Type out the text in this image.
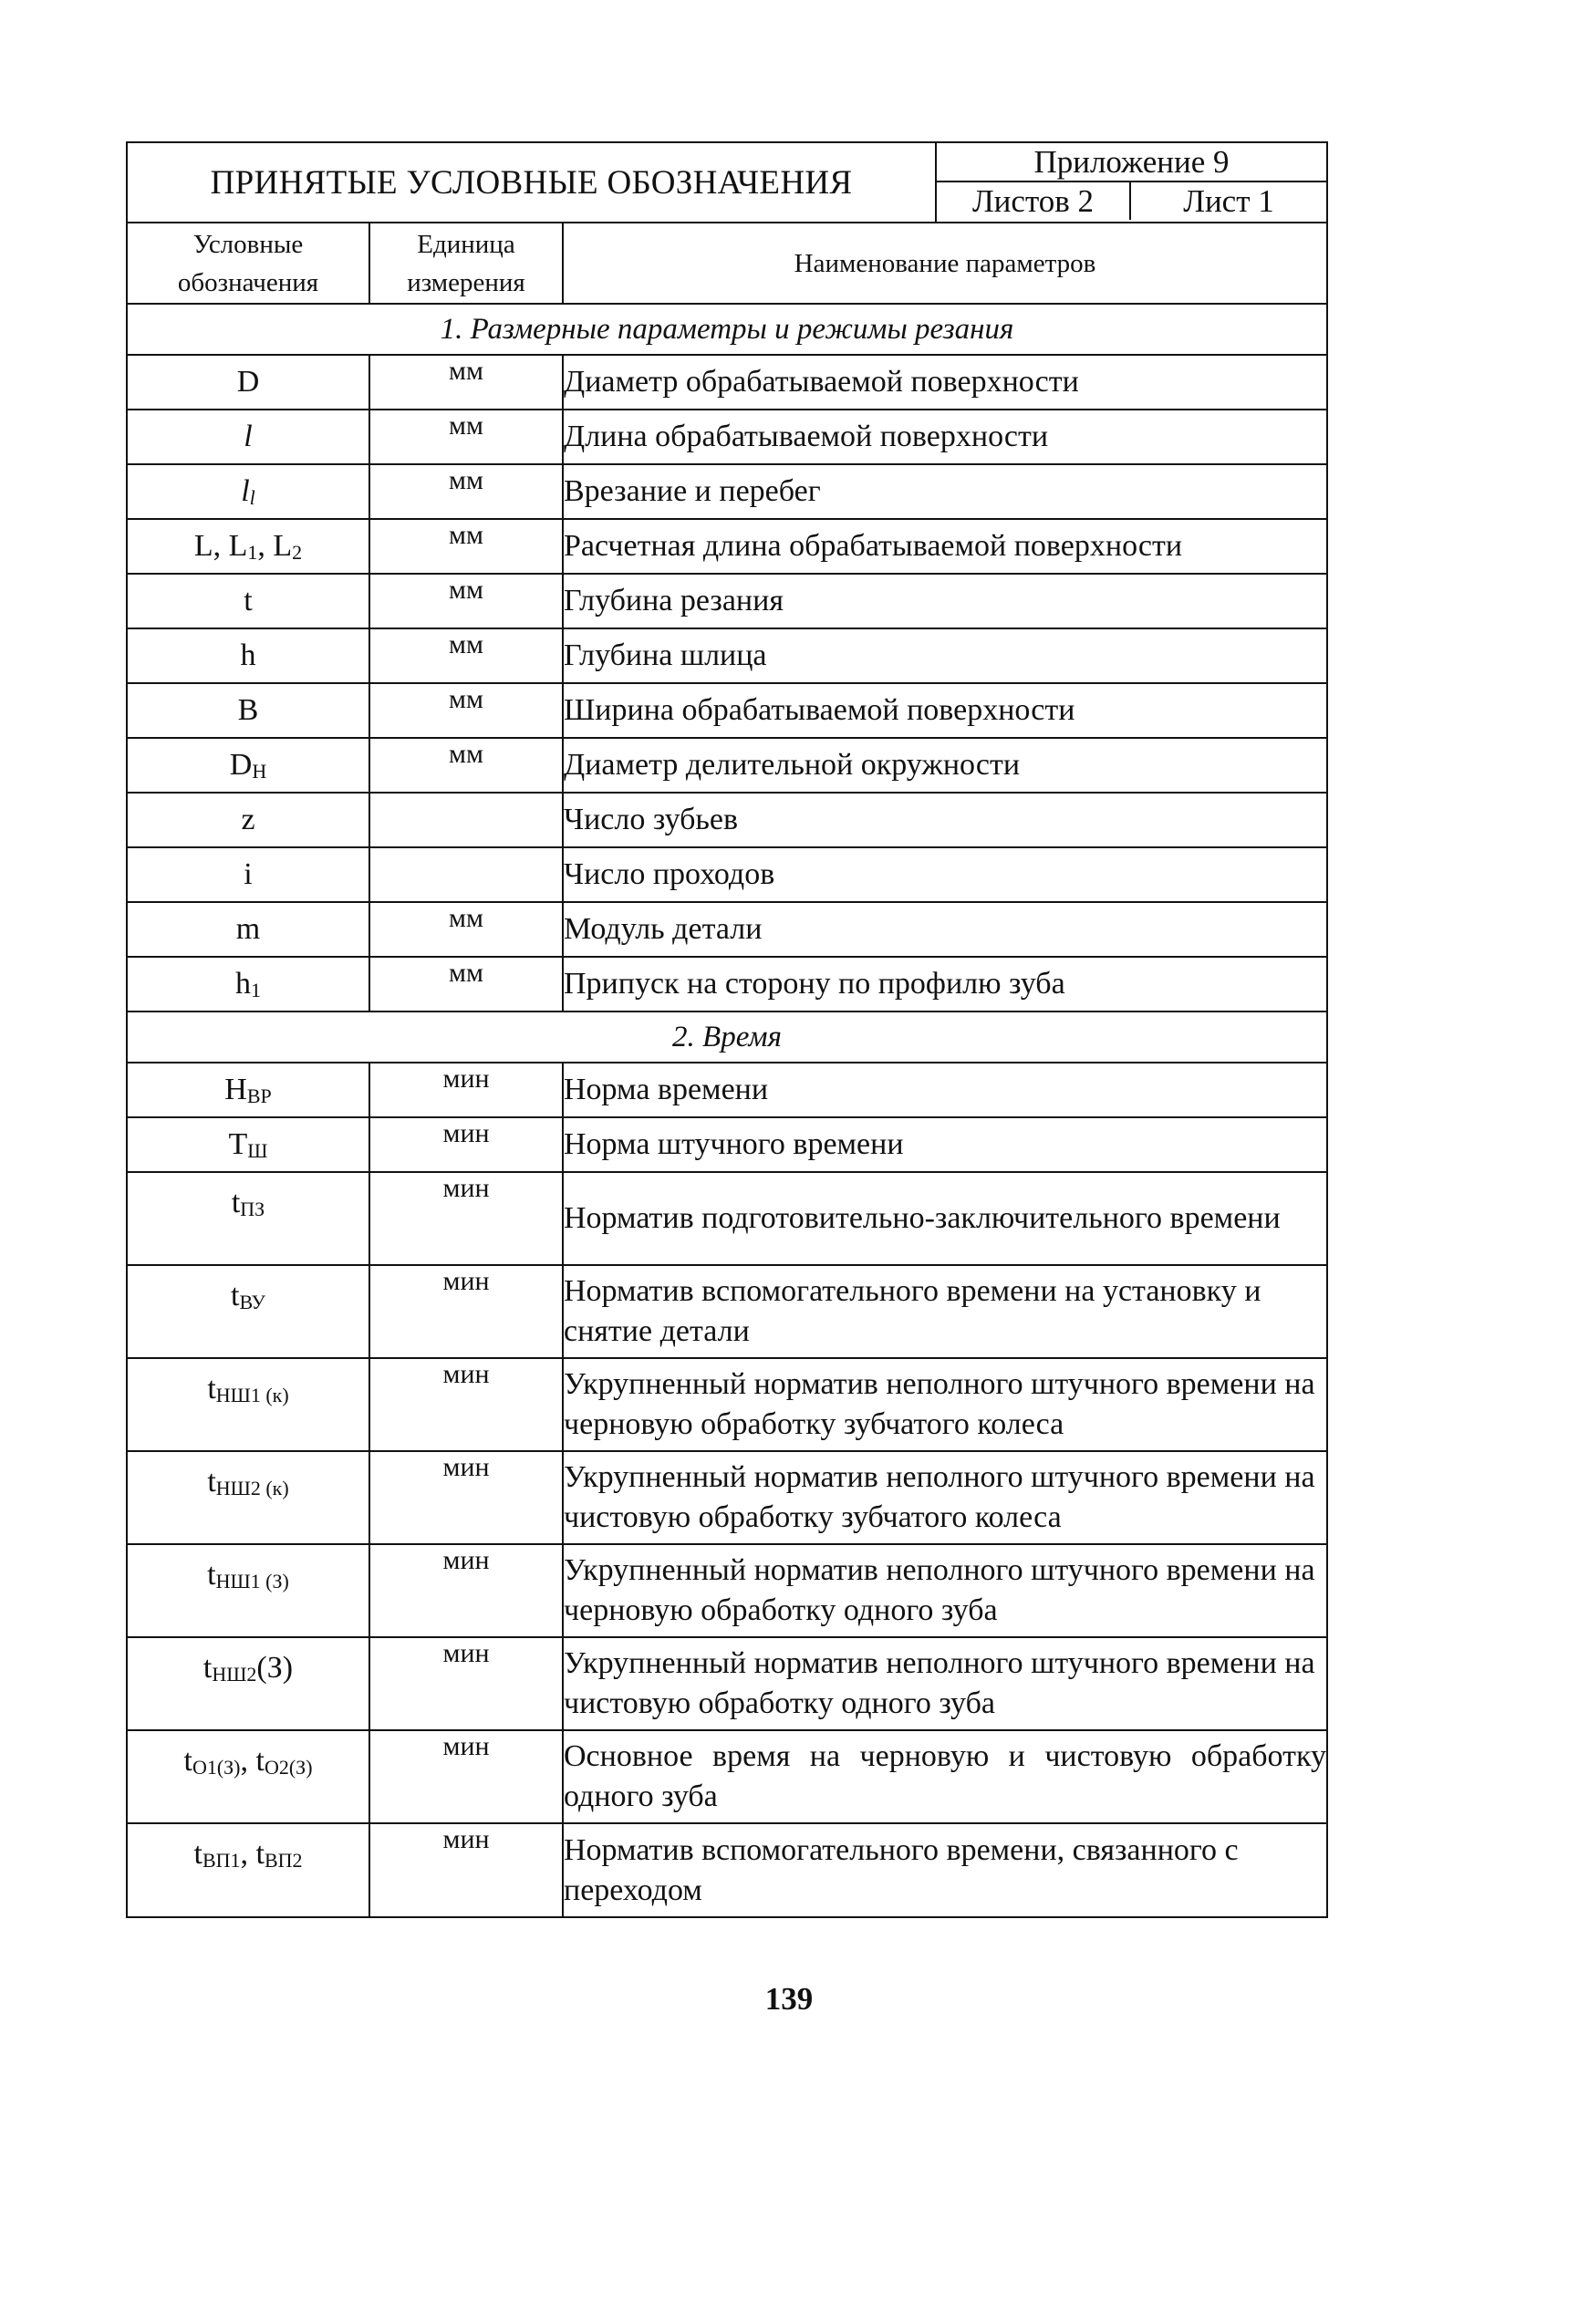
ПРИНЯТЫЕ УСЛОВНЫЕ ОБОЗНАЧЕНИЯ
Приложение 9
Листов 2	Лист 1
Условные обозначения	Единица измерения	Наименование параметров
1. Размерные параметры и режимы резания		
D	мм	Диаметр обрабатываемой поверхности
l	мм	Длина обрабатываемой поверхности
ll	мм	Врезание и перебег
L, L1, L2	мм	Расчетная длина обрабатываемой поверхности
t	мм	Глубина резания
h	мм	Глубина шлица
B	мм	Ширина обрабатываемой поверхности
DH	мм	Диаметр делительной окружности
z		Число зубьев
i		Число проходов
m	мм	Модуль детали
h1	мм	Припуск на сторону по профилю зуба
2. Время		
HВР	мин	Норма времени
TШ	мин	Норма штучного времени
tПЗ	мин	Норматив подготовительно-заключительного времени
tВУ	мин	Норматив вспомогательного времени на установку и снятие детали
tНШ1 (к)	мин	Укрупненный норматив неполного штучного времени на черновую обработку зубчатого колеса
tНШ2 (к)	мин	Укрупненный норматив неполного штучного времени на чистовую обработку зубчатого колеса
tНШ1 (З)	мин	Укрупненный норматив неполного штучного времени на черновую обработку одного зуба
tНШ2(З)	мин	Укрупненный норматив неполного штучного времени на чистовую обработку одного зуба
tО1(З), tО2(З)	мин	Основное время на черновую и чистовую обработку одного зуба
tВП1, tВП2	мин	Норматив вспомогательного времени, связанного с переходом
139
